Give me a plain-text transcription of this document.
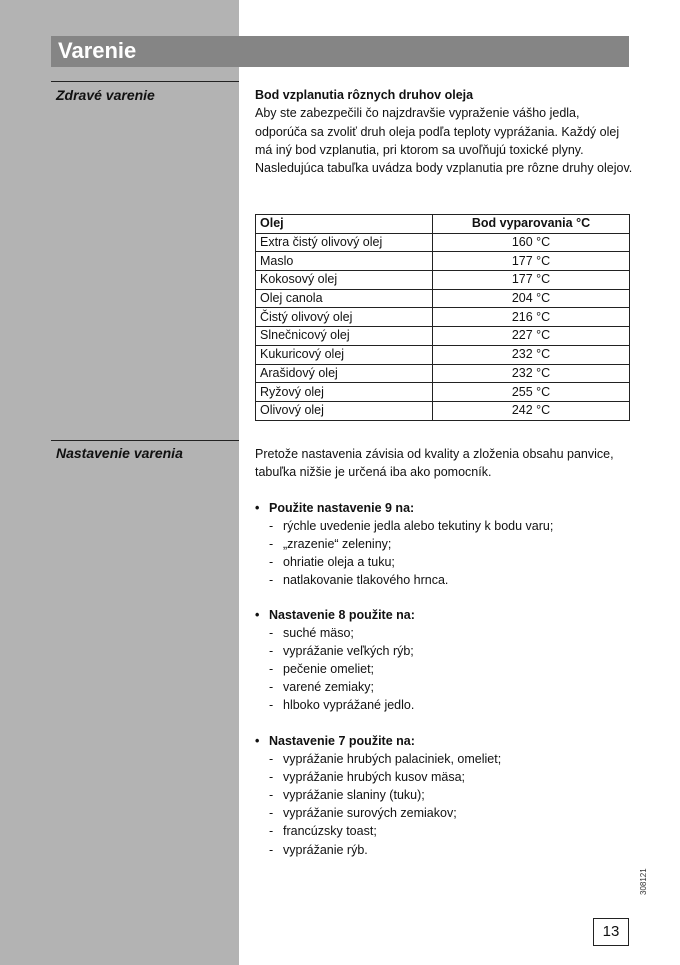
Varenie
Zdravé varenie	Bod vzplanutia rôznych druhov oleja
Aby ste zabezpečili čo najzdravšie vypraženie vášho jedla, odporúča sa zvoliť druh oleja podľa teploty vyprážania. Každý olej má iný bod vzplanutia, pri ktorom sa uvoľňujú toxické plyny. Nasledujúca tabuľka uvádza body vzplanutia pre rôzne druhy olejov.
Olej	Bod vyparovania °C
Extra čistý olivový olej	160 °C
Maslo	177 °C
Kokosový olej	177 °C
Olej canola	204 °C
Čistý olivový olej	216 °C
Slnečnicový olej	227 °C
Kukuricový olej	232 °C
Arašidový olej	232 °C
Ryžový olej	255 °C
Olivový olej	242 °C
Nastavenie varenia	Pretože nastavenia závisia od kvality a zloženia obsahu panvice, tabuľka nižšie je určená iba ako pomocník.
• Použite nastavenie 9 na:
- rýchle uvedenie jedla alebo tekutiny k bodu varu;
- „zrazenie“ zeleniny;
- ohriatie oleja a tuku;
- natlakovanie tlakového hrnca.
• Nastavenie 8 použite na:
- suché mäso;
- vyprážanie veľkých rýb;
- pečenie omeliet;
- varené zemiaky;
- hlboko vyprážané jedlo.
• Nastavenie 7 použite na:
- vyprážanie hrubých palaciniek, omeliet;
- vyprážanie hrubých kusov mäsa;
- vyprážanie slaniny (tuku);
- vyprážanie surových zemiakov;
- francúzsky toast;
- vyprážanie rýb.
308121
13
